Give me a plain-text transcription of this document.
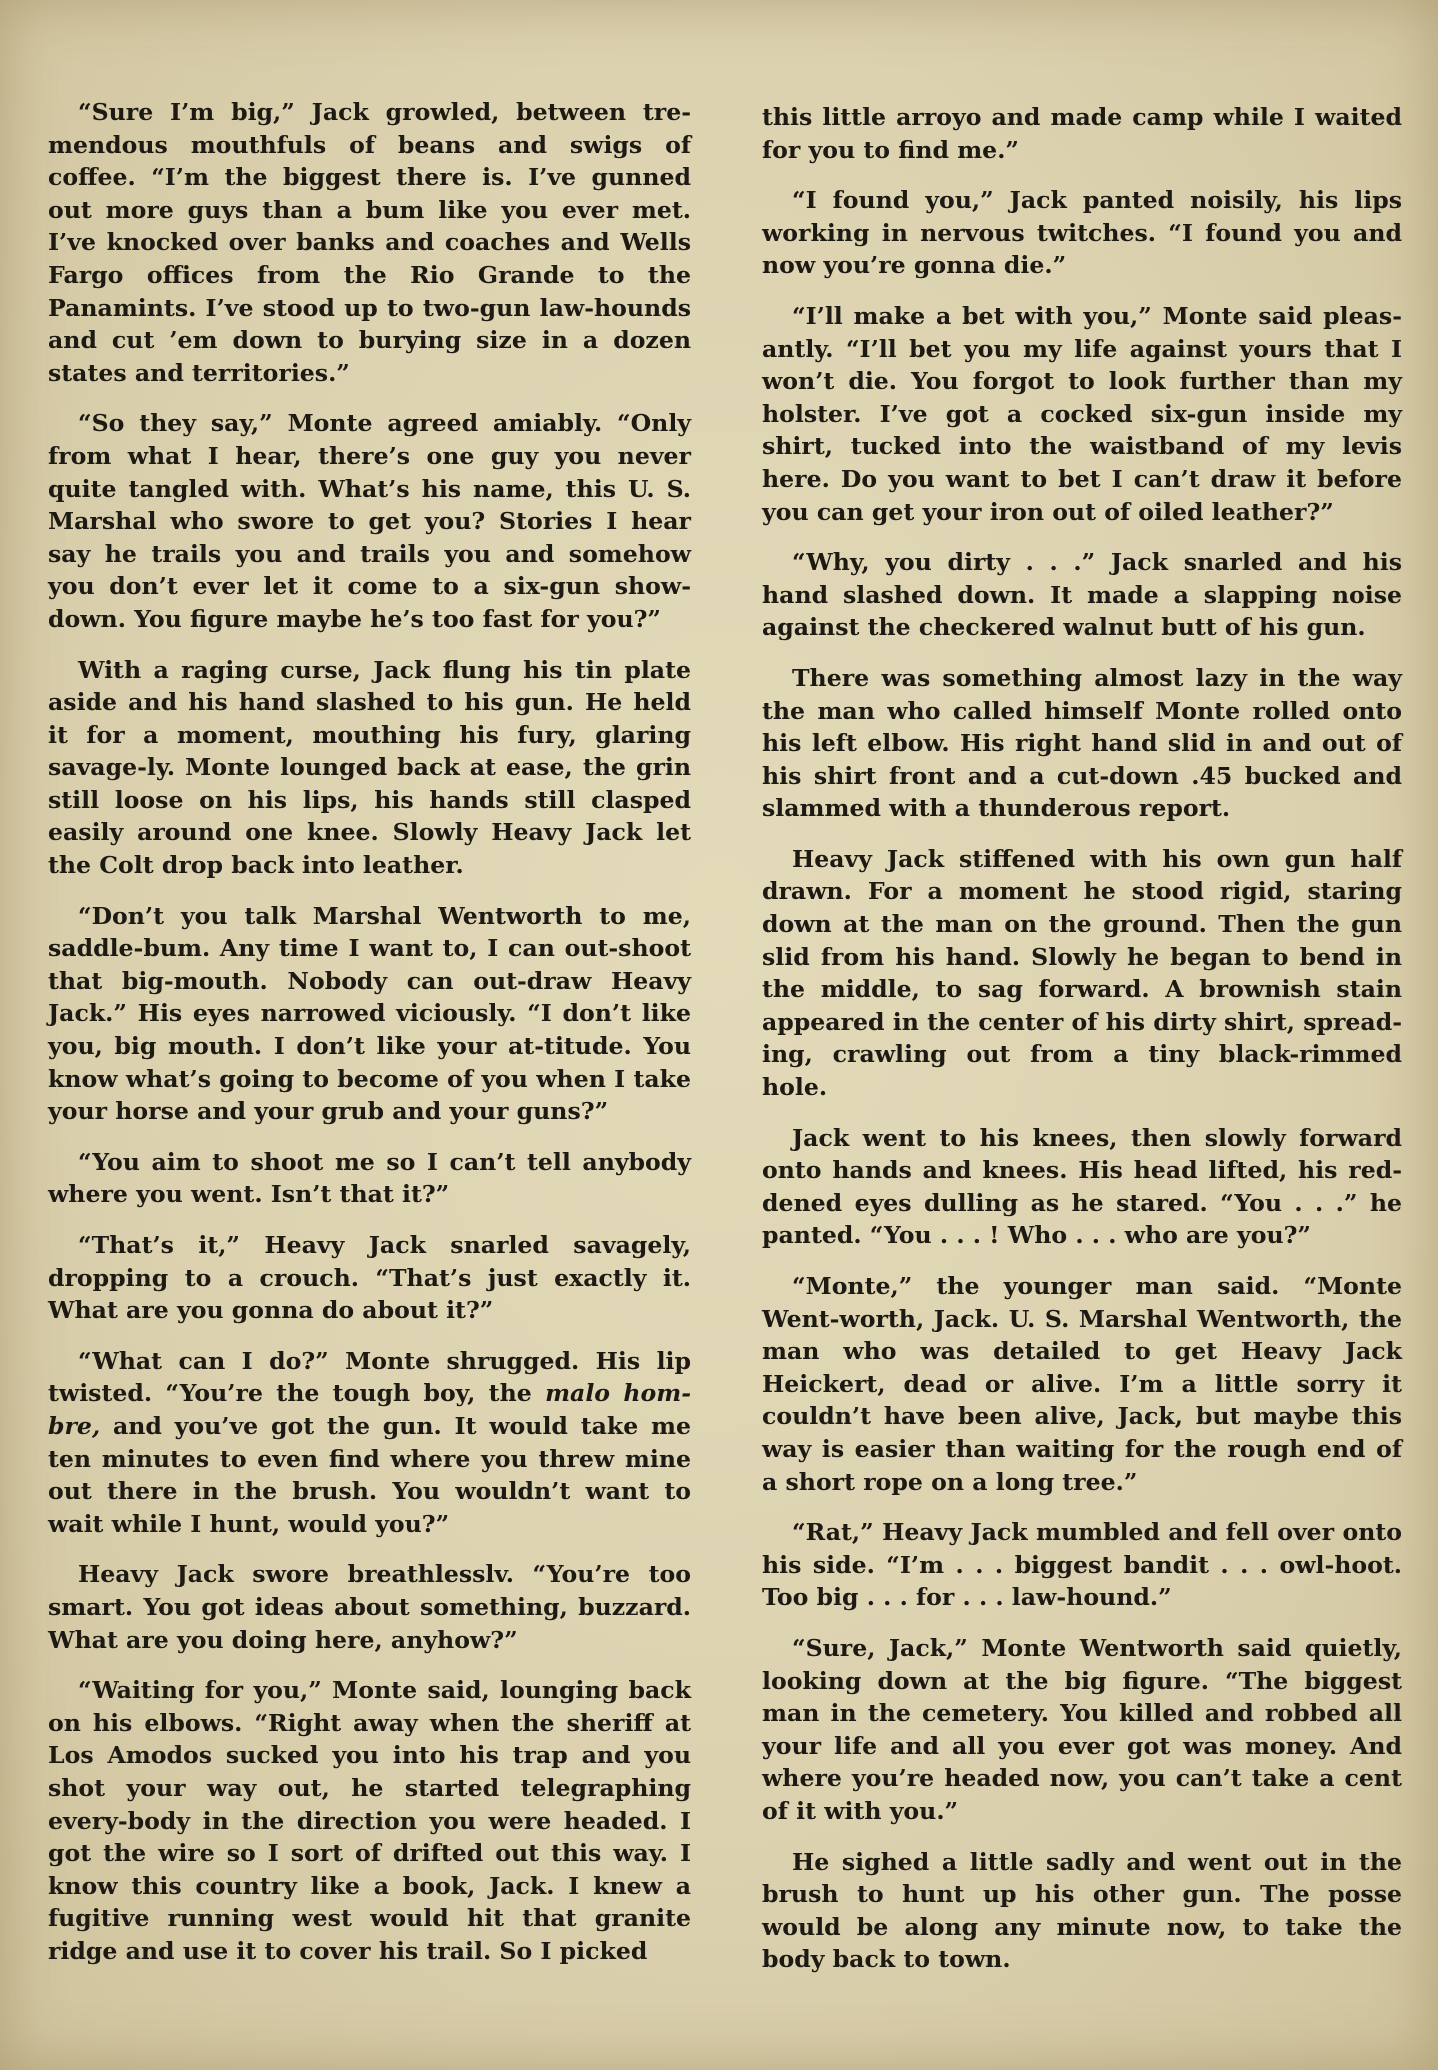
“Sure I’m big,” Jack growled, between tre-mendous mouthfuls of beans and swigs of coffee. “I’m the biggest there is. I’ve gunned out more guys than a bum like you ever met. I’ve knocked over banks and coaches and Wells Fargo offices from the Rio Grande to the Panamints. I’ve stood up to two-gun law-hounds and cut ’em down to burying size in a dozen states and territories.”

“So they say,” Monte agreed amiably. “Only from what I hear, there’s one guy you never quite tangled with. What’s his name, this U. S. Marshal who swore to get you? Stories I hear say he trails you and trails you and somehow you don’t ever let it come to a six-gun show-down. You figure maybe he’s too fast for you?”

With a raging curse, Jack flung his tin plate aside and his hand slashed to his gun. He held it for a moment, mouthing his fury, glaring savage-ly. Monte lounged back at ease, the grin still loose on his lips, his hands still clasped easily around one knee. Slowly Heavy Jack let the Colt drop back into leather.

“Don’t you talk Marshal Wentworth to me, saddle-bum. Any time I want to, I can out-shoot that big-mouth. Nobody can out-draw Heavy Jack.” His eyes narrowed viciously. “I don’t like you, big mouth. I don’t like your at-titude. You know what’s going to become of you when I take your horse and your grub and your guns?”

“You aim to shoot me so I can’t tell anybody where you went. Isn’t that it?”

“That’s it,” Heavy Jack snarled savagely, dropping to a crouch. “That’s just exactly it. What are you gonna do about it?”

“What can I do?” Monte shrugged. His lip twisted. “You’re the tough boy, the malo hom-bre, and you’ve got the gun. It would take me ten minutes to even find where you threw mine out there in the brush. You wouldn’t want to wait while I hunt, would you?”

Heavy Jack swore breathlesslv. “You’re too smart. You got ideas about something, buzzard. What are you doing here, anyhow?”

“Waiting for you,” Monte said, lounging back on his elbows. “Right away when the sheriff at Los Amodos sucked you into his trap and you shot your way out, he started telegraphing every-body in the direction you were headed. I got the wire so I sort of drifted out this way. I know this country like a book, Jack. I knew a fugitive running west would hit that granite ridge and use it to cover his trail. So I picked

this little arroyo and made camp while I waited for you to find me.”

“I found you,” Jack panted noisily, his lips working in nervous twitches. “I found you and now you’re gonna die.”

“I’ll make a bet with you,” Monte said pleas-antly. “I’ll bet you my life against yours that I won’t die. You forgot to look further than my holster. I’ve got a cocked six-gun inside my shirt, tucked into the waistband of my levis here. Do you want to bet I can’t draw it before you can get your iron out of oiled leather?”

“Why, you dirty . . .” Jack snarled and his hand slashed down. It made a slapping noise against the checkered walnut butt of his gun.

There was something almost lazy in the way the man who called himself Monte rolled onto his left elbow. His right hand slid in and out of his shirt front and a cut-down .45 bucked and slammed with a thunderous report.

Heavy Jack stiffened with his own gun half drawn. For a moment he stood rigid, staring down at the man on the ground. Then the gun slid from his hand. Slowly he began to bend in the middle, to sag forward. A brownish stain appeared in the center of his dirty shirt, spread-ing, crawling out from a tiny black-rimmed hole.

Jack went to his knees, then slowly forward onto hands and knees. His head lifted, his red-dened eyes dulling as he stared. “You . . .” he panted. “You . . . ! Who . . . who are you?”

“Monte,” the younger man said. “Monte Went-worth, Jack. U. S. Marshal Wentworth, the man who was detailed to get Heavy Jack Heickert, dead or alive. I’m a little sorry it couldn’t have been alive, Jack, but maybe this way is easier than waiting for the rough end of a short rope on a long tree.”

“Rat,” Heavy Jack mumbled and fell over onto his side. “I’m . . . biggest bandit . . . owl-hoot. Too big . . . for . . . law-hound.”

“Sure, Jack,” Monte Wentworth said quietly, looking down at the big figure. “The biggest man in the cemetery. You killed and robbed all your life and all you ever got was money. And where you’re headed now, you can’t take a cent of it with you.”

He sighed a little sadly and went out in the brush to hunt up his other gun. The posse would be along any minute now, to take the body back to town.
